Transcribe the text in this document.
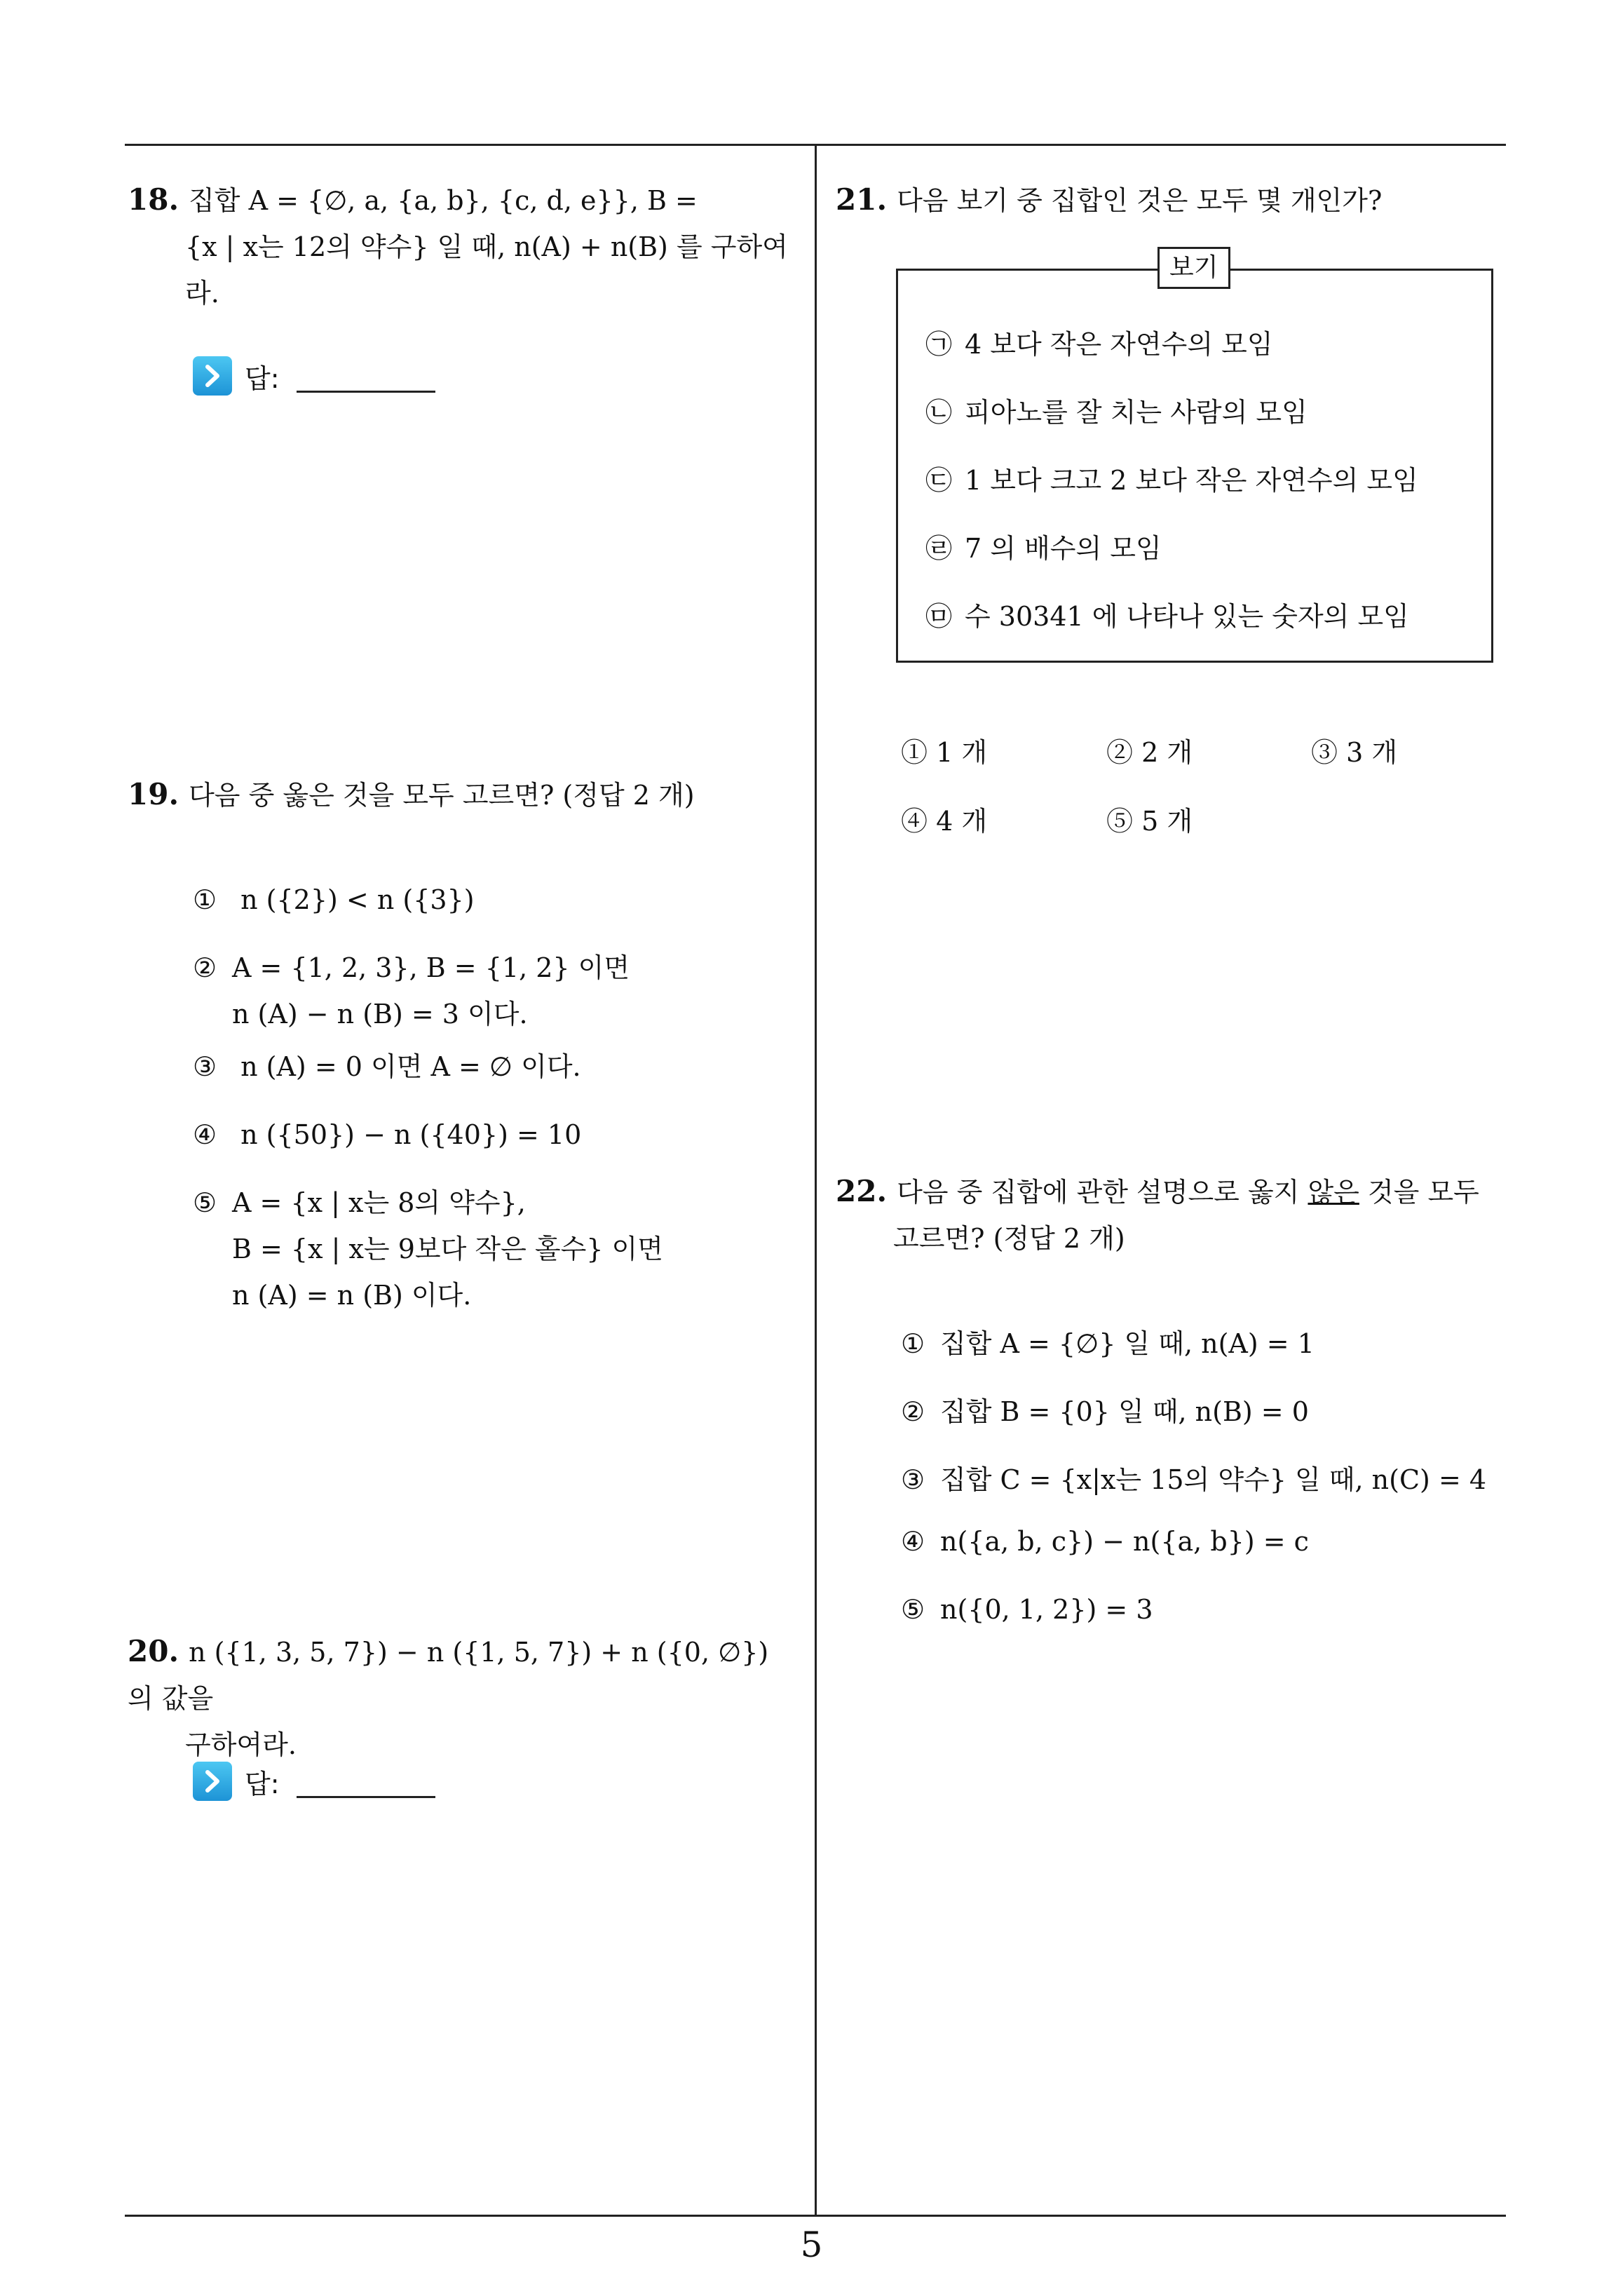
18. 집합 A = {∅, a, {a, b}, {c, d, e}}, B =
{x | x는 12의 약수} 일 때, n(A) + n(B) 를 구하여
라.
답:
19. 다음 중 옳은 것을 모두 고르면? (정답 2 개)
① n ({2}) < n ({3})
② A = {1, 2, 3}, B = {1, 2} 이면
n (A) − n (B) = 3 이다.
③ n (A) = 0 이면 A = ∅ 이다.
④ n ({50}) − n ({40}) = 10
⑤ A = {x | x는 8의 약수},
B = {x | x는 9보다 작은 홀수} 이면
n (A) = n (B) 이다.
20. n ({1, 3, 5, 7}) − n ({1, 5, 7}) + n ({0, ∅}) 의 값을
구하여라.
답:
21. 다음 보기 중 집합인 것은 모두 몇 개인가?
보기
㉠ 4 보다 작은 자연수의 모임
㉡ 피아노를 잘 치는 사람의 모임
㉢ 1 보다 크고 2 보다 작은 자연수의 모임
㉣ 7 의 배수의 모임
㉤ 수 30341 에 나타나 있는 숫자의 모임
① 1 개	② 2 개	③ 3 개
④ 4 개	⑤ 5 개
22. 다음 중 집합에 관한 설명으로 옳지 않은 것을 모두
고르면? (정답 2 개)
① 집합 A = {∅} 일 때, n(A) = 1
② 집합 B = {0} 일 때, n(B) = 0
③ 집합 C = {x|x는 15의 약수} 일 때, n(C) = 4
④ n({a, b, c}) − n({a, b}) = c
⑤ n({0, 1, 2}) = 3
5
